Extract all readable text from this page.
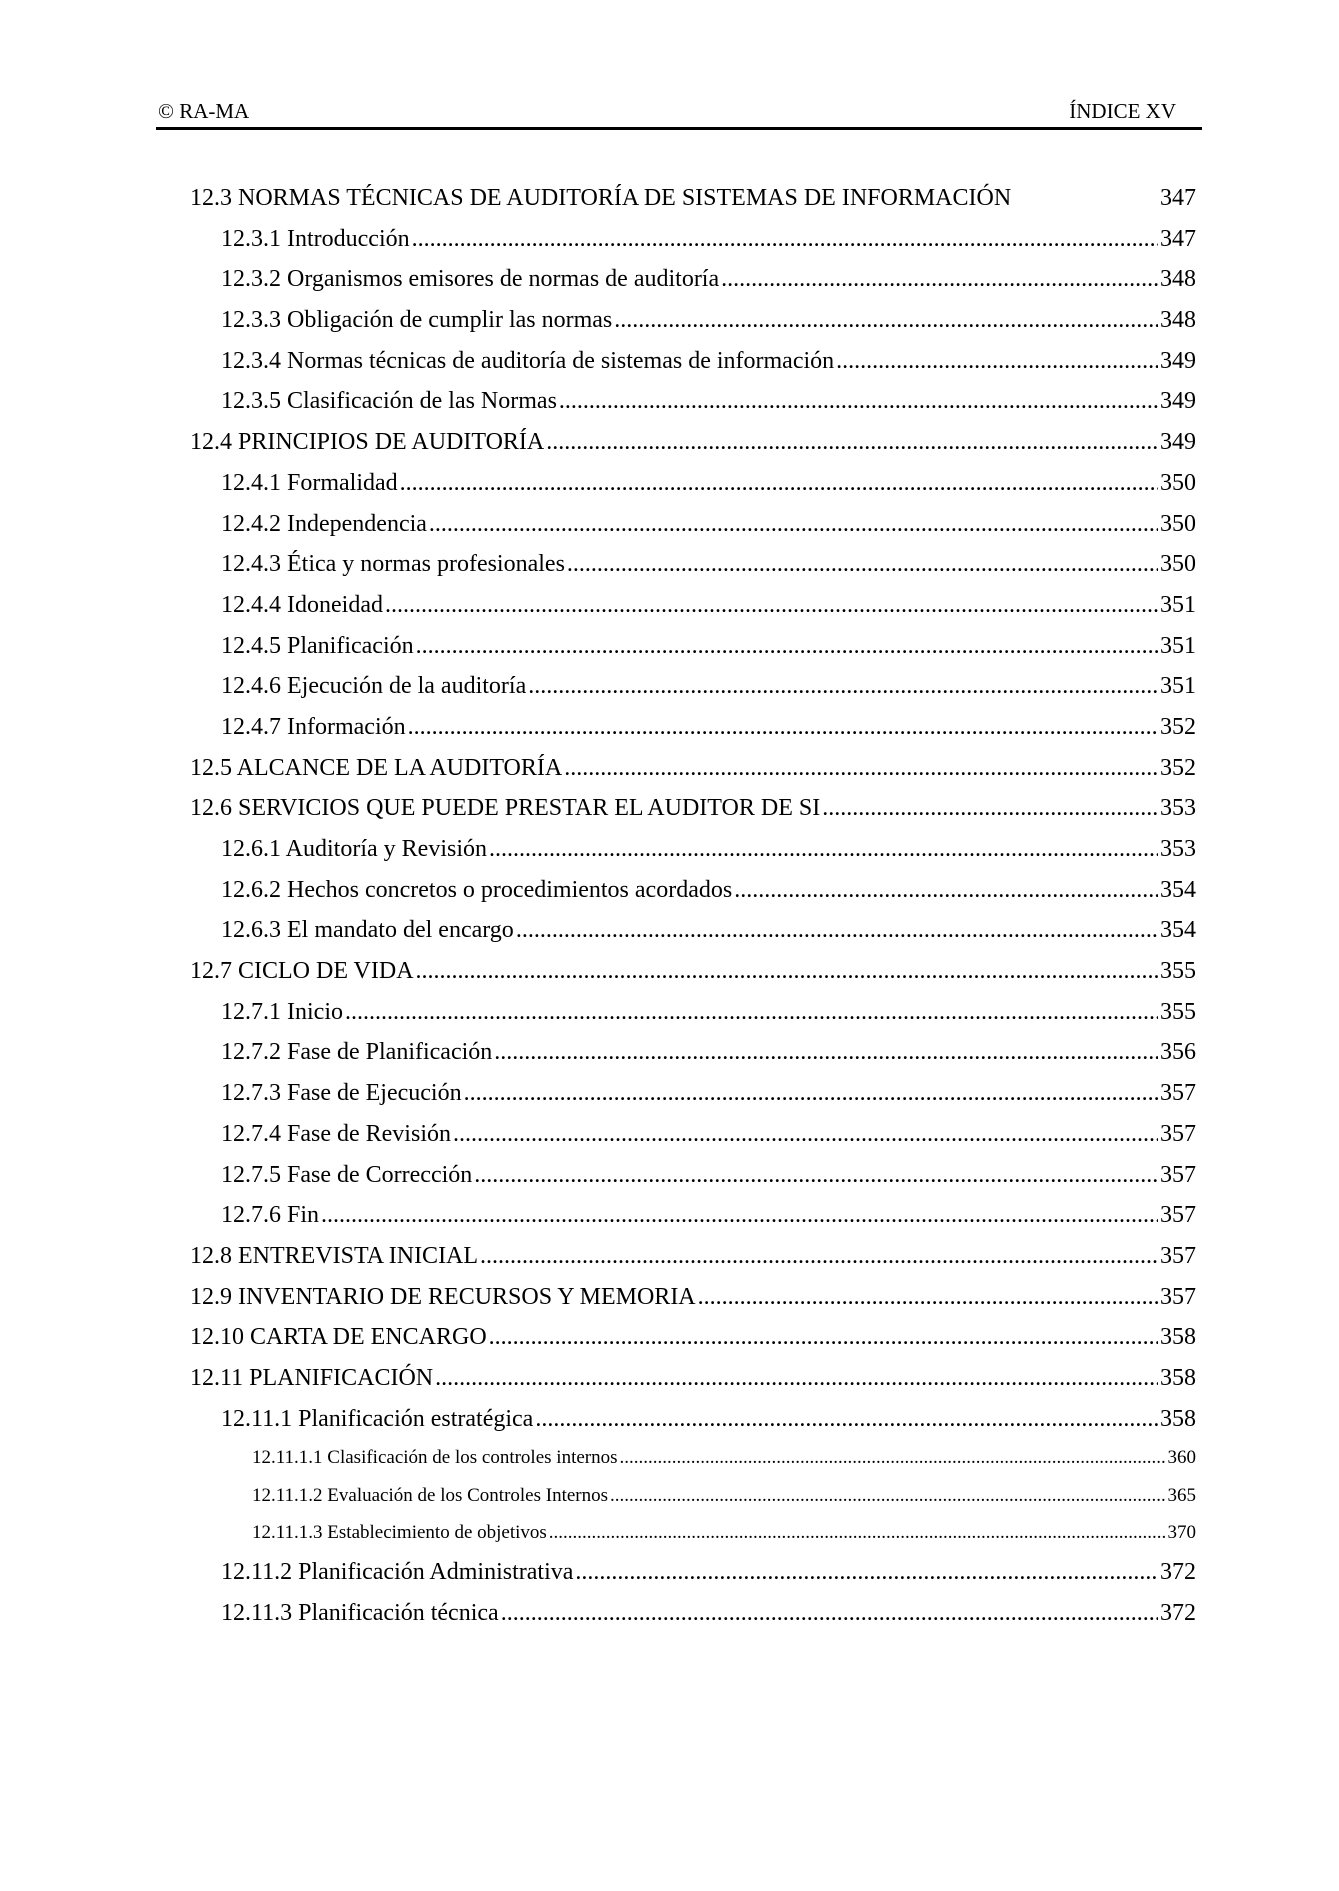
© RA-MA	ÍNDICE XV
12.3 NORMAS TÉCNICAS DE AUDITORÍA DE SISTEMAS DE INFORMACIÓN	347
12.3.1 Introducción .....	347
12.3.2 Organismos emisores de normas de auditoría .....	348
12.3.3 Obligación de cumplir las normas .....	348
12.3.4 Normas técnicas de auditoría de sistemas de información .....	349
12.3.5 Clasificación de las Normas .....	349
12.4 PRINCIPIOS DE AUDITORÍA .....	349
12.4.1 Formalidad .....	350
12.4.2 Independencia .....	350
12.4.3 Ética y normas profesionales .....	350
12.4.4 Idoneidad .....	351
12.4.5 Planificación .....	351
12.4.6 Ejecución de la auditoría .....	351
12.4.7 Información .....	352
12.5 ALCANCE DE LA AUDITORÍA .....	352
12.6 SERVICIOS QUE PUEDE PRESTAR EL AUDITOR DE SI .....	353
12.6.1 Auditoría y Revisión .....	353
12.6.2 Hechos concretos o procedimientos acordados .....	354
12.6.3 El mandato del encargo .....	354
12.7 CICLO DE VIDA .....	355
12.7.1 Inicio .....	355
12.7.2 Fase de Planificación .....	356
12.7.3 Fase de Ejecución .....	357
12.7.4 Fase de Revisión .....	357
12.7.5 Fase de Corrección .....	357
12.7.6 Fin .....	357
12.8 ENTREVISTA INICIAL .....	357
12.9 INVENTARIO DE RECURSOS Y MEMORIA .....	357
12.10 CARTA DE ENCARGO .....	358
12.11 PLANIFICACIÓN .....	358
12.11.1 Planificación estratégica .....	358
12.11.1.1 Clasificación de los controles internos .....	360
12.11.1.2 Evaluación de los Controles Internos .....	365
12.11.1.3 Establecimiento de objetivos .....	370
12.11.2 Planificación Administrativa .....	372
12.11.3 Planificación técnica .....	372
